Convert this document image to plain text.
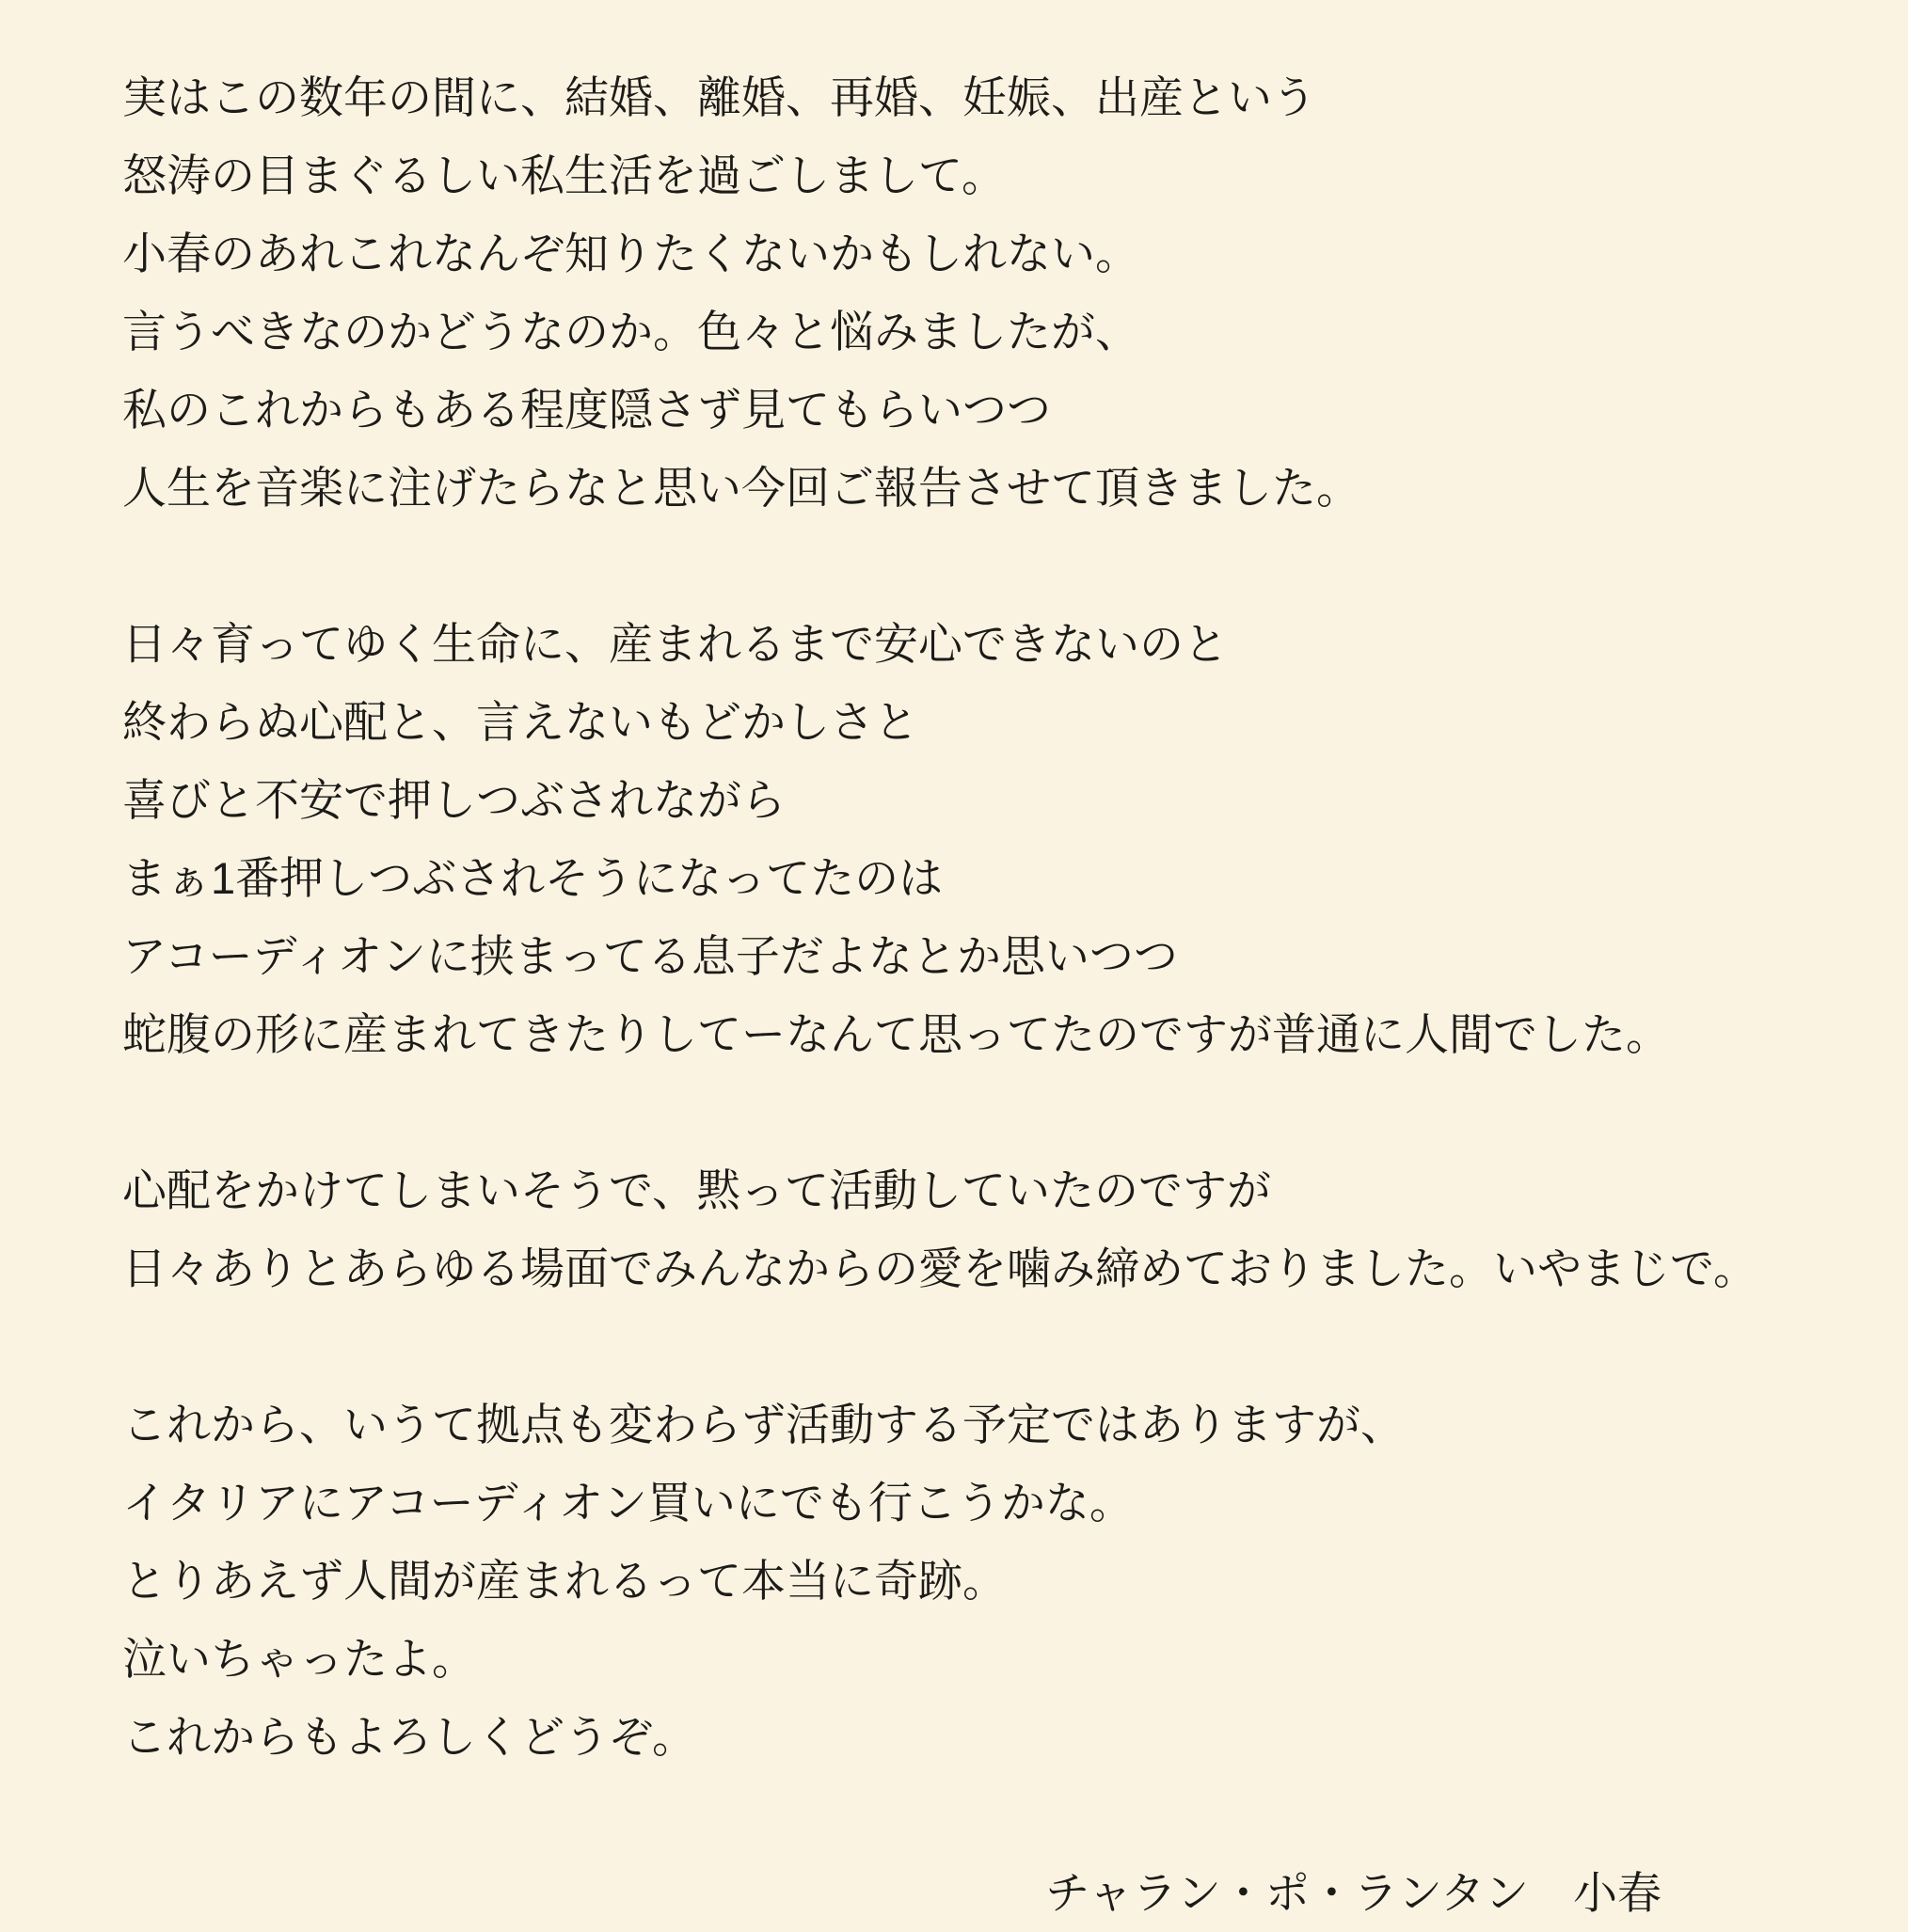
実はこの数年の間に、結婚、離婚、再婚、妊娠、出産という
怒涛の目まぐるしい私生活を過ごしまして。
小春のあれこれなんぞ知りたくないかもしれない。
言うべきなのかどうなのか。色々と悩みましたが、
私のこれからもある程度隠さず見てもらいつつ
人生を音楽に注げたらなと思い今回ご報告させて頂きました。

日々育ってゆく生命に、産まれるまで安心できないのと
終わらぬ心配と、言えないもどかしさと
喜びと不安で押しつぶされながら
まぁ1番押しつぶされそうになってたのは
アコーディオンに挟まってる息子だよなとか思いつつ
蛇腹の形に産まれてきたりしてーなんて思ってたのですが普通に人間でした。

心配をかけてしまいそうで、黙って活動していたのですが
日々ありとあらゆる場面でみんなからの愛を噛み締めておりました。いやまじで。

これから、いうて拠点も変わらず活動する予定ではありますが、
イタリアにアコーディオン買いにでも行こうかな。
とりあえず人間が産まれるって本当に奇跡。
泣いちゃったよ。
これからもよろしくどうぞ。

チャラン・ポ・ランタン　小春
